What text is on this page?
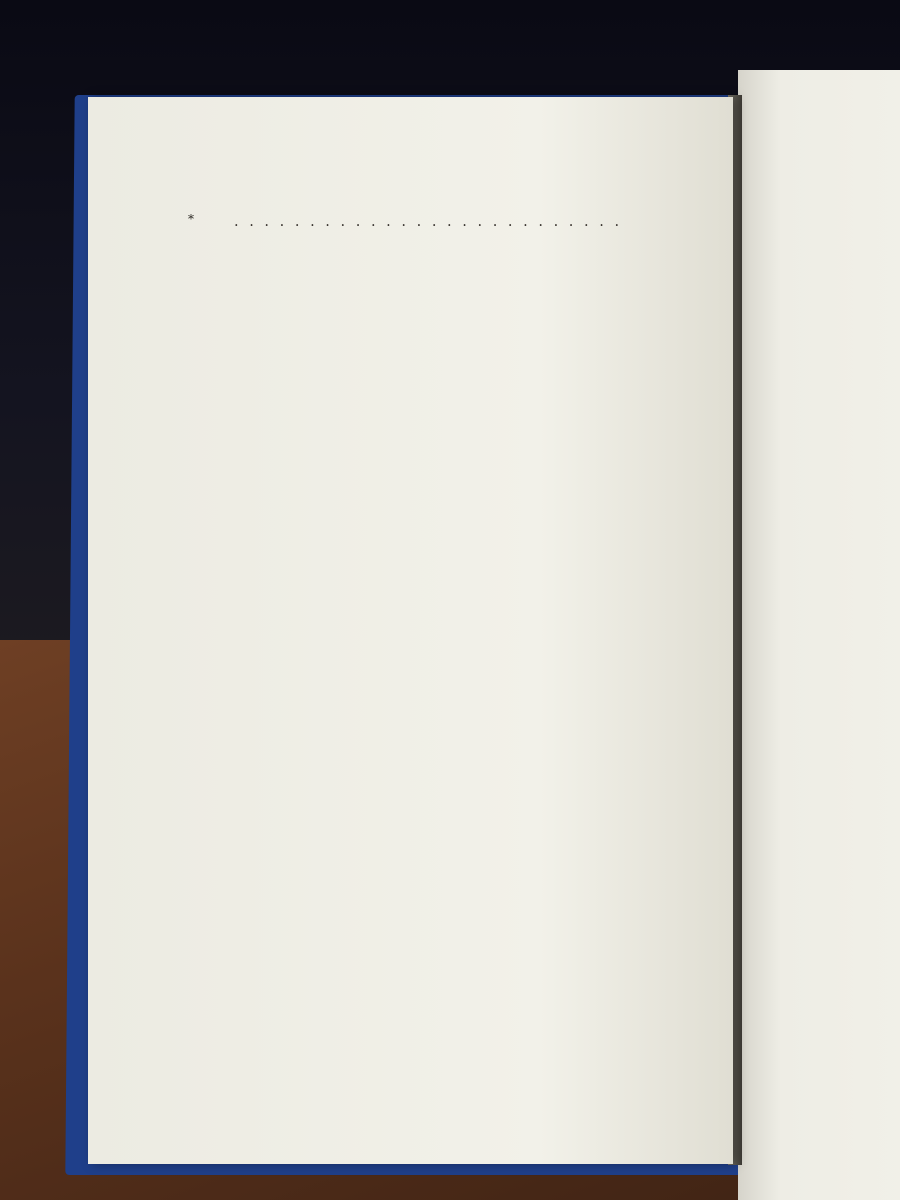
*
. . .
